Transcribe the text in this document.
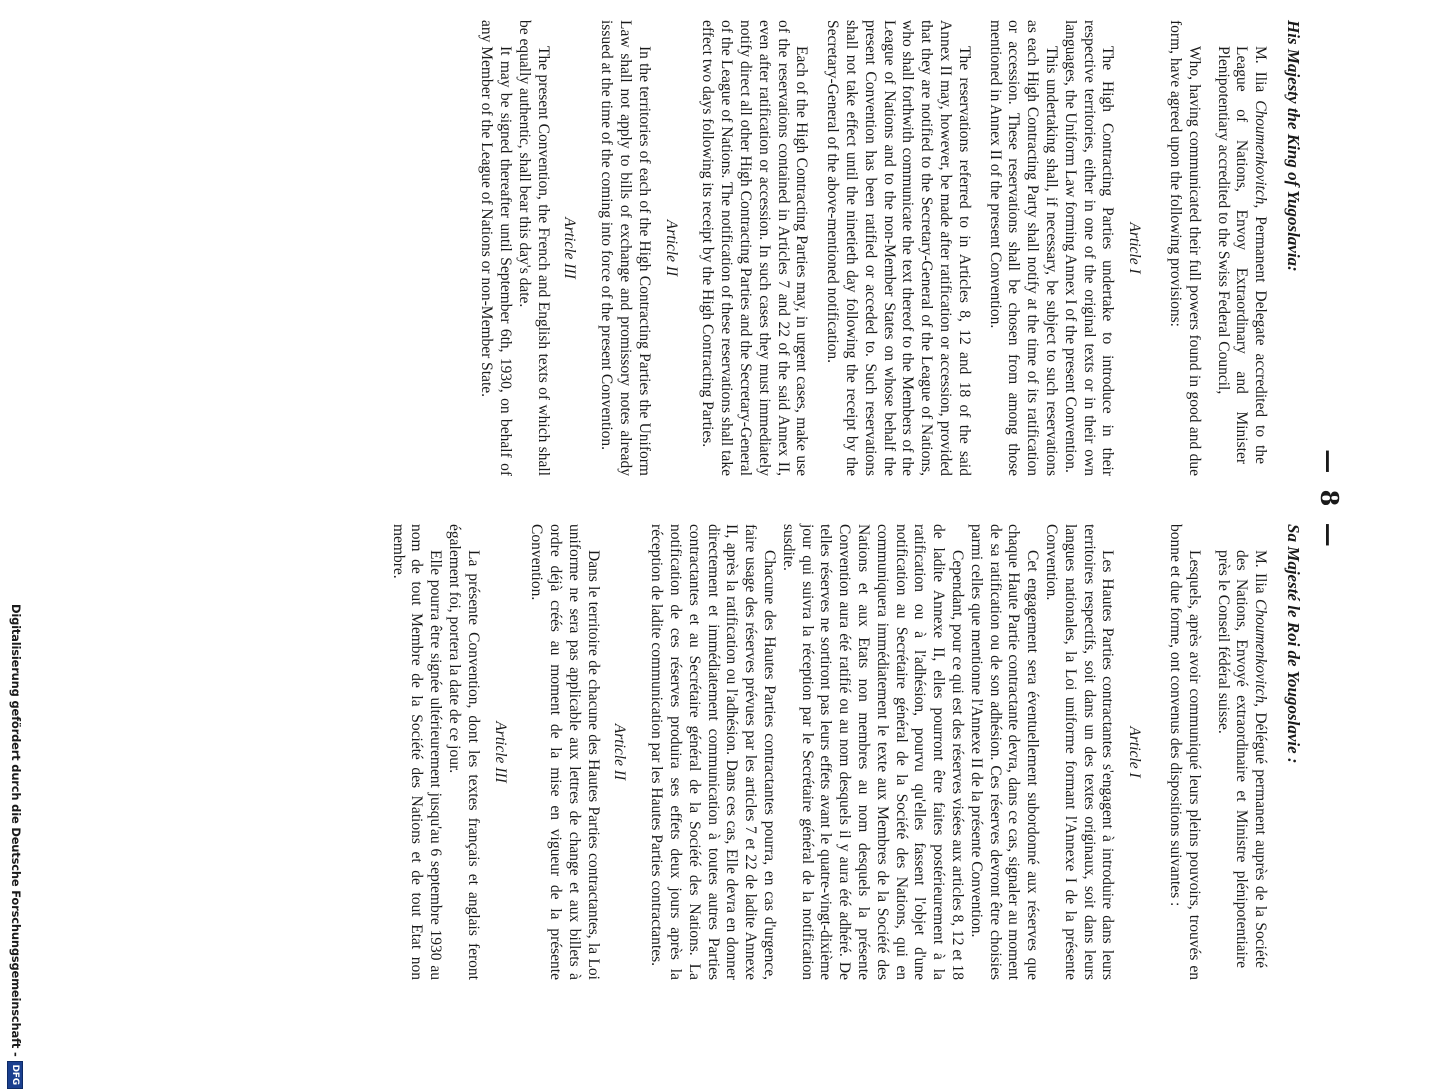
— 8 —
His Majesty the King of Yugoslavia:
M. Ilia Choumenkovitch, Permanent Delegate accredited to the League of Nations, Envoy Extraordinary and Minister Plenipotentiary accredited to the Swiss Federal Council,

Who, having communicated their full powers found in good and due form, have agreed upon the following provisions:

Article I

The High Contracting Parties undertake to introduce in their respective territories, either in one of the original texts or in their own languages, the Uniform Law forming Annex I of the present Convention.

This undertaking shall, if necessary, be subject to such reservations as each High Contracting Party shall notify at the time of its ratification or accession. These reservations shall be chosen from among those mentioned in Annex II of the present Convention.

The reservations referred to in Articles 8, 12 and 18 of the said Annex II may, however, be made after ratification or accession, provided that they are notified to the Secretary-General of the League of Nations, who shall forthwith communicate the text thereof to the Members of the League of Nations and to the non-Member States on whose behalf the present Convention has been ratified or acceded to. Such reservations shall not take effect until the ninetieth day following the receipt by the Secretary-General of the above-mentioned notification.

Each of the High Contracting Parties may, in urgent cases, make use of the reservations contained in Articles 7 and 22 of the said Annex II, even after ratification or accession. In such cases they must immediately notify direct all other High Contracting Parties and the Secretary-General of the League of Nations. The notification of these reservations shall take effect two days following its receipt by the High Contracting Parties.

Article II

In the territories of each of the High Contracting Parties the Uniform Law shall not apply to bills of exchange and promissory notes already issued at the time of the coming into force of the present Convention.

Article III

The present Convention, the French and English texts of which shall be equally authentic, shall bear this day's date.

It may be signed thereafter until September 6th, 1930, on behalf of any Member of the League of Nations or non-Member State.

Sa Majesté le Roi de Yougoslavie :
M. Ilia Choumenkovitch, Délégué permanent auprès de la Société des Nations, Envoyé extraordinaire et Ministre plénipotentiaire près le Conseil fédéral suisse.

Lesquels, après avoir communiqué leurs pleins pouvoirs, trouvés en bonne et due forme, ont convenus des dispositions suivantes :

Article I

Les Hautes Parties contractantes s'engagent à introduire dans leurs territoires respectifs, soit dans un des textes originaux, soit dans leurs langues nationales, la Loi uniforme formant l'Annexe I de la présente Convention.

Cet engagement sera éventuellement subordonné aux réserves que chaque Haute Partie contractante devra, dans ce cas, signaler au moment de sa ratification ou de son adhésion. Ces réserves devront être choisies parmi celles que mentionne l'Annexe II de la présente Convention.

Cependant, pour ce qui est des réserves visées aux articles 8, 12 et 18 de ladite Annexe II, elles pourront être faites postérieurement à la ratification ou à l'adhésion, pourvu qu'elles fassent l'objet d'une notification au Secrétaire général de la Société des Nations, qui en communiquera immédiatement le texte aux Membres de la Société des Nations et aux Etats non membres au nom desquels la présente Convention aura été ratifié ou au nom desquels il y aura été adhéré. De telles réserves ne sortiront pas leurs effets avant le quatre-vingt-dixième jour qui suivra la réception par le Secrétaire général de la notification susdite.

Chacune des Hautes Parties contractantes pourra, en cas d'urgence, faire usage des réserves prévues par les articles 7 et 22 de ladite Annexe II, après la ratification ou l'adhésion. Dans ces cas, Elle devra en donner directement et immédiatement communication à toutes autres Parties contractantes et au Secrétaire général de la Société des Nations. La notification de ces réserves produira ses effets deux jours après la réception de ladite communication par les Hautes Parties contractantes.

Article II

Dans le territoire de chacune des Hautes Parties contractantes, la Loi uniforme ne sera pas applicable aux lettres de change et aux billets à ordre déjà créés au moment de la mise en vigueur de la présente Convention.

Article III

La présente Convention, dont les textes français et anglais feront également foi, portera la date de ce jour.

Elle pourra être signée ultérieurement jusqu'au 6 septembre 1930 au nom de tout Membre de la Société des Nations et de tout Etat non membre.

Digitalisierung gefördert durch die Deutsche Forschungsgemeinschaft -DFG
